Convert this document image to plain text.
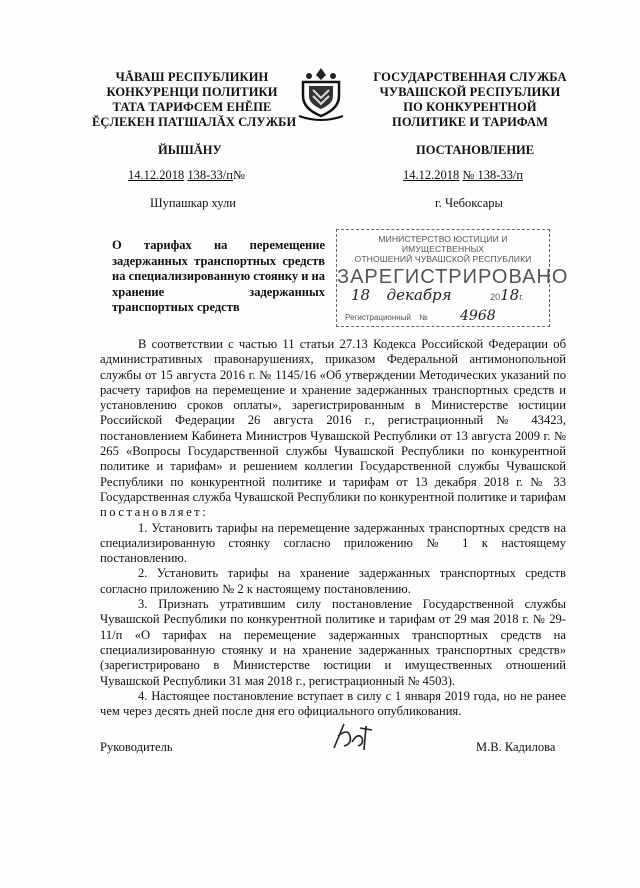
ЧĂВАШ РЕСПУБЛИКИН
КОНКУРЕНЦИ ПОЛИТИКИ
ТАТА ТАРИФСЕМ ЕНĔПЕ
ĔÇЛЕКЕН ПАТШАЛĂХ СЛУЖБИ
ГОСУДАРСТВЕННАЯ СЛУЖБА
ЧУВАШСКОЙ РЕСПУБЛИКИ
ПО КОНКУРЕНТНОЙ
ПОЛИТИКЕ И ТАРИФАМ
ЙЫШĂНУ	ПОСТАНОВЛЕНИЕ
14.12.2018 138-33/п№	14.12.2018 № 138-33/п
Шупашкар хули	г. Чебоксары
О тарифах на перемещение задержанных транспортных средств на специализированную стоянку и на хранение задержанных транспортных средств
МИНИСТЕРСТВО ЮСТИЦИИ И ИМУЩЕСТВЕННЫХ
ОТНОШЕНИЙ ЧУВАШСКОЙ РЕСПУБЛИКИ
ЗАРЕГИСТРИРОВАНО
18 декабря	2018г.
Регистрационный № 4968

В соответствии с частью 11 статьи 27.13 Кодекса Российской Федерации об административных правонарушениях, приказом Федеральной антимонопольной службы от 15 августа 2016 г. № 1145/16 «Об утверждении Методических указаний по расчету тарифов на перемещение и хранение задержанных транспортных средств и установлению сроков оплаты», зарегистрированным в Министерстве юстиции Российской Федерации 26 августа 2016 г., регистрационный № 43423, постановлением Кабинета Министров Чувашской Республики от 13 августа 2009 г. № 265 «Вопросы Государственной службы Чувашской Республики по конкурентной политике и тарифам» и решением коллегии Государственной службы Чувашской Республики по конкурентной политике и тарифам от 13 декабря 2018 г. № 33 Государственная служба Чувашской Республики по конкурентной политике и тарифам постановляет:

1. Установить тарифы на перемещение задержанных транспортных средств на специализированную стоянку согласно приложению № 1 к настоящему постановлению.

2. Установить тарифы на хранение задержанных транспортных средств согласно приложению № 2 к настоящему постановлению.

3. Признать утратившим силу постановление Государственной службы Чувашской Республики по конкурентной политике и тарифам от 29 мая 2018 г. № 29-11/п «О тарифах на перемещение задержанных транспортных средств на специализированную стоянку и на хранение задержанных транспортных средств» (зарегистрировано в Министерстве юстиции и имущественных отношений Чувашской Республики 31 мая 2018 г., регистрационный № 4503).

4. Настоящее постановление вступает в силу с 1 января 2019 года, но не ранее чем через десять дней после дня его официального опубликования.

Руководитель	М.В. Кадилова
